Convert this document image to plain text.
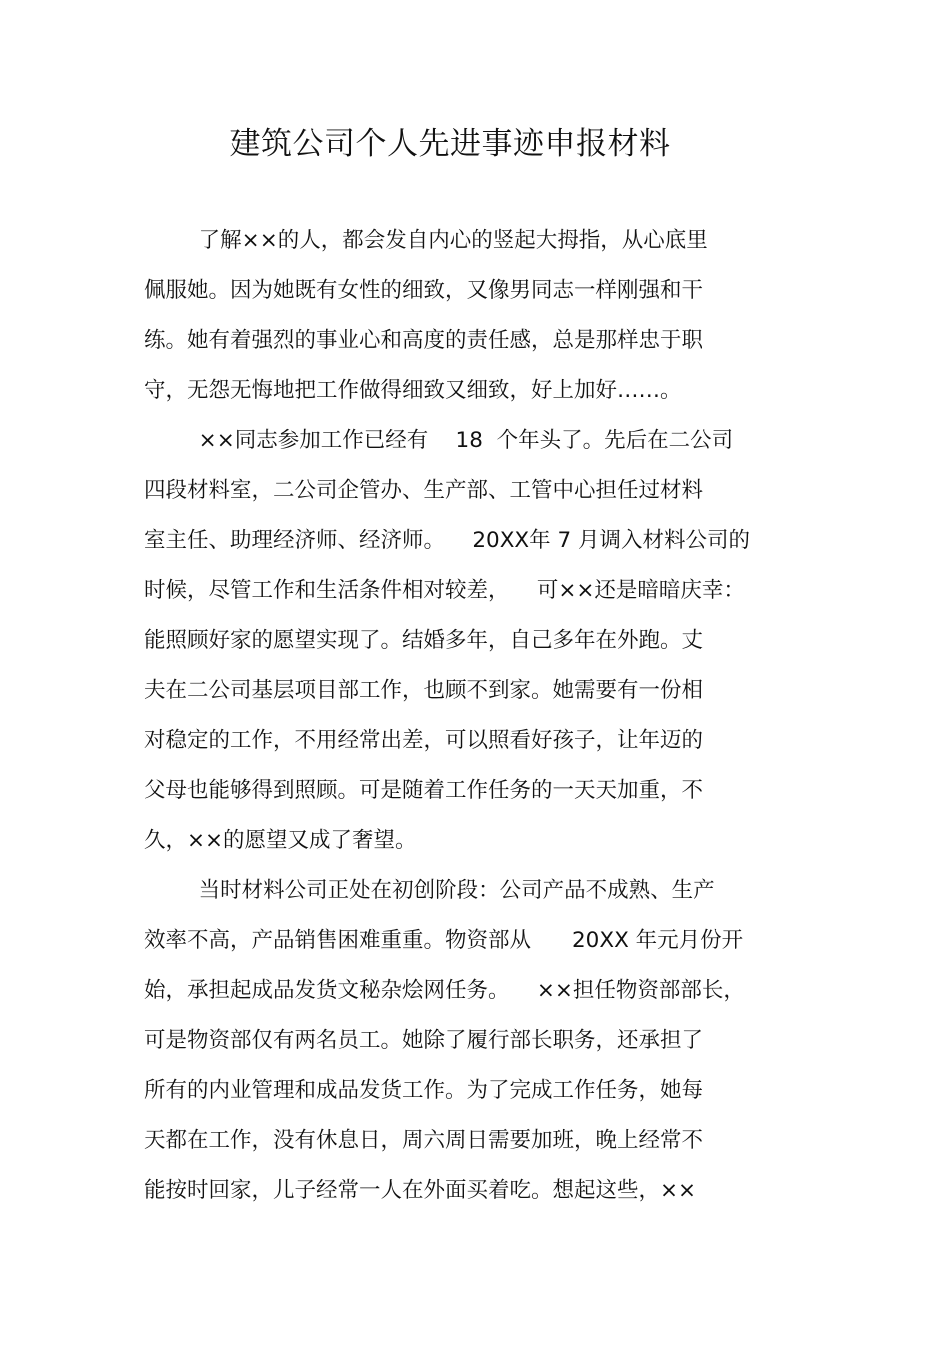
建筑公司个人先进事迹申报材料
了解××的人，都会发自内心的竖起大拇指，从心底里
佩服她。因为她既有女性的细致，又像男同志一样刚强和干
练。她有着强烈的事业心和高度的责任感，总是那样忠于职
守，无怨无悔地把工作做得细致又细致，好上加好……。
××同志参加工作已经有    18  个年头了。先后在二公司
四段材料室，二公司企管办、生产部、工管中心担任过材料
室主任、助理经济师、经济师。    20XX年 7 月调入材料公司的
时候，尽管工作和生活条件相对较差，    可××还是暗暗庆幸：
能照顾好家的愿望实现了。结婚多年，自己多年在外跑。丈
夫在二公司基层项目部工作，也顾不到家。她需要有一份相
对稳定的工作，不用经常出差，可以照看好孩子，让年迈的
父母也能够得到照顾。可是随着工作任务的一天天加重，不
久，××的愿望又成了奢望。
当时材料公司正处在初创阶段：公司产品不成熟、生产
效率不高，产品销售困难重重。物资部从      20XX 年元月份开
始，承担起成品发货文秘杂烩网任务。    ××担任物资部部长，
可是物资部仅有两名员工。她除了履行部长职务，还承担了
所有的内业管理和成品发货工作。为了完成工作任务，她每
天都在工作，没有休息日，周六周日需要加班，晚上经常不
能按时回家，儿子经常一人在外面买着吃。想起这些，××
